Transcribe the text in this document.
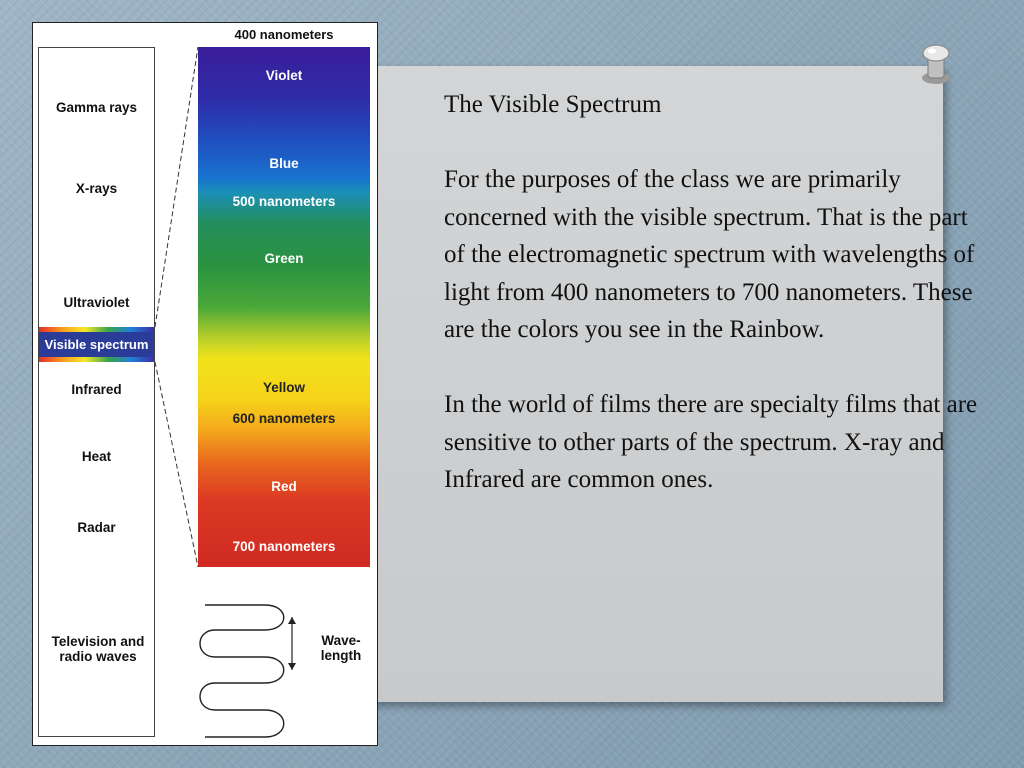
The Visible Spectrum

For the purposes of the class we are primarily concerned with the visible spectrum. That is the part of the electromagnetic spectrum with wavelengths of light from 400 nanometers to 700 nanometers. These are the colors you see in the Rainbow.

In the world of films there are specialty films that are sensitive to other parts of the spectrum. X-ray and Infrared are common ones.

Gamma rays
X-rays
Ultraviolet
Visible spectrum
Infrared
Heat
Radar
Television and radio waves
400 nanometers
Violet
Blue
500 nanometers
Green
Yellow
600 nanometers
Red
700 nanometers
Wave- length
